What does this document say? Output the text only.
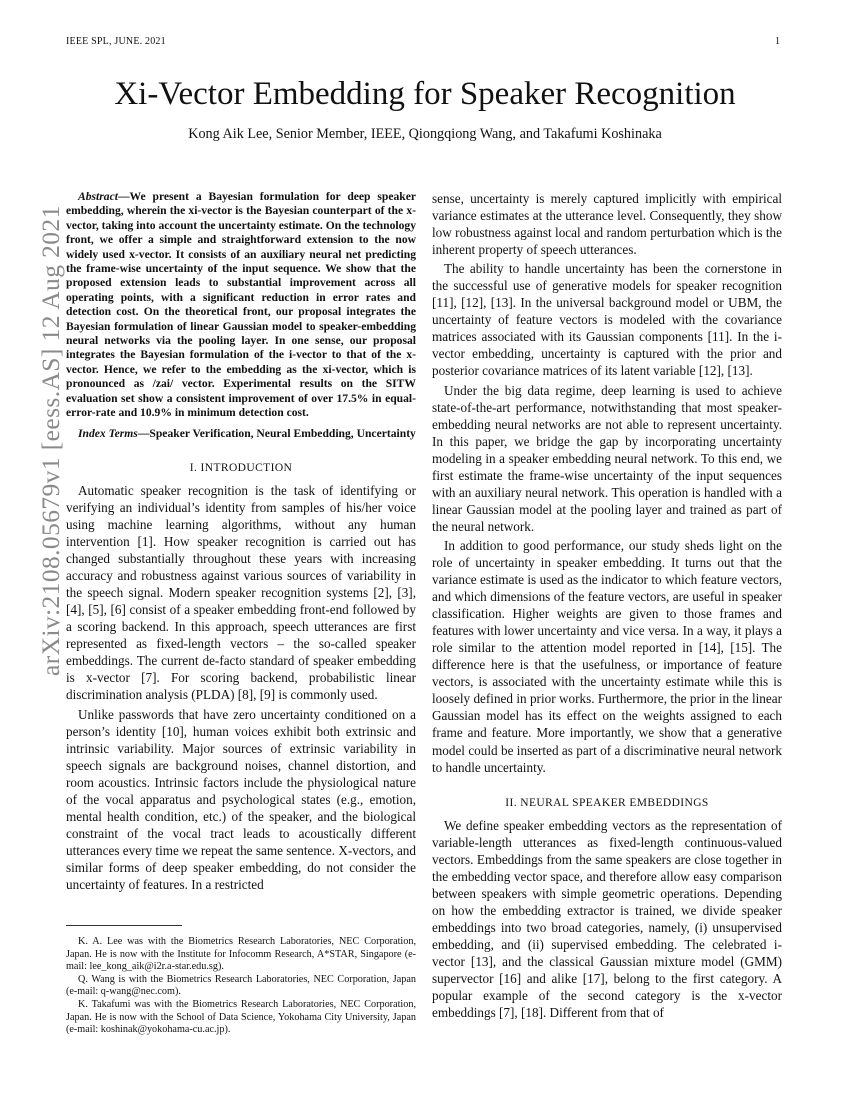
IEEE SPL, JUNE. 2021	1
arXiv:2108.05679v1 [eess.AS] 12 Aug 2021
Xi-Vector Embedding for Speaker Recognition
Kong Aik Lee, Senior Member, IEEE, Qiongqiong Wang, and Takafumi Koshinaka

Abstract—We present a Bayesian formulation for deep speaker embedding, wherein the xi-vector is the Bayesian counterpart of the x-vector, taking into account the uncertainty estimate. On the technology front, we offer a simple and straightforward extension to the now widely used x-vector. It consists of an auxiliary neural net predicting the frame-wise uncertainty of the input sequence. We show that the proposed extension leads to substantial improvement across all operating points, with a significant reduction in error rates and detection cost. On the theoretical front, our proposal integrates the Bayesian formulation of linear Gaussian model to speaker-embedding neural networks via the pooling layer. In one sense, our proposal integrates the Bayesian formulation of the i-vector to that of the x-vector. Hence, we refer to the embedding as the xi-vector, which is pronounced as /zai/ vector. Experimental results on the SITW evaluation set show a consistent improvement of over 17.5% in equal-error-rate and 10.9% in minimum detection cost.

Index Terms—Speaker Verification, Neural Embedding, Uncertainty

I. INTRODUCTION

Automatic speaker recognition is the task of identifying or verifying an individual’s identity from samples of his/her voice using machine learning algorithms, without any human intervention [1]. How speaker recognition is carried out has changed substantially throughout these years with increasing accuracy and robustness against various sources of variability in the speech signal. Modern speaker recognition systems [2], [3], [4], [5], [6] consist of a speaker embedding front-end followed by a scoring backend. In this approach, speech utterances are first represented as fixed-length vectors – the so-called speaker embeddings. The current de-facto standard of speaker embedding is x-vector [7]. For scoring backend, probabilistic linear discrimination analysis (PLDA) [8], [9] is commonly used.

Unlike passwords that have zero uncertainty conditioned on a person’s identity [10], human voices exhibit both extrinsic and intrinsic variability. Major sources of extrinsic variability in speech signals are background noises, channel distortion, and room acoustics. Intrinsic factors include the physiological nature of the vocal apparatus and psychological states (e.g., emotion, mental health condition, etc.) of the speaker, and the biological constraint of the vocal tract leads to acoustically different utterances every time we repeat the same sentence. X-vectors, and similar forms of deep speaker embedding, do not consider the uncertainty of features. In a restricted

K. A. Lee was with the Biometrics Research Laboratories, NEC Corporation, Japan. He is now with the Institute for Infocomm Research, A*STAR, Singapore (e-mail: lee_kong_aik@i2r.a-star.edu.sg).

Q. Wang is with the Biometrics Research Laboratories, NEC Corporation, Japan (e-mail: q-wang@nec.com).

K. Takafumi was with the Biometrics Research Laboratories, NEC Corporation, Japan. He is now with the School of Data Science, Yokohama City University, Japan (e-mail: koshinak@yokohama-cu.ac.jp).

sense, uncertainty is merely captured implicitly with empirical variance estimates at the utterance level. Consequently, they show low robustness against local and random perturbation which is the inherent property of speech utterances.

The ability to handle uncertainty has been the cornerstone in the successful use of generative models for speaker recognition [11], [12], [13]. In the universal background model or UBM, the uncertainty of feature vectors is modeled with the covariance matrices associated with its Gaussian components [11]. In the i-vector embedding, uncertainty is captured with the prior and posterior covariance matrices of its latent variable [12], [13].

Under the big data regime, deep learning is used to achieve state-of-the-art performance, notwithstanding that most speaker-embedding neural networks are not able to represent uncertainty. In this paper, we bridge the gap by incorporating uncertainty modeling in a speaker embedding neural network. To this end, we first estimate the frame-wise uncertainty of the input sequences with an auxiliary neural network. This operation is handled with a linear Gaussian model at the pooling layer and trained as part of the neural network.

In addition to good performance, our study sheds light on the role of uncertainty in speaker embedding. It turns out that the variance estimate is used as the indicator to which feature vectors, and which dimensions of the feature vectors, are useful in speaker classification. Higher weights are given to those frames and features with lower uncertainty and vice versa. In a way, it plays a role similar to the attention model reported in [14], [15]. The difference here is that the usefulness, or importance of feature vectors, is associated with the uncertainty estimate while this is loosely defined in prior works. Furthermore, the prior in the linear Gaussian model has its effect on the weights assigned to each frame and feature. More importantly, we show that a generative model could be inserted as part of a discriminative neural network to handle uncertainty.

II. NEURAL SPEAKER EMBEDDINGS

We define speaker embedding vectors as the representation of variable-length utterances as fixed-length continuous-valued vectors. Embeddings from the same speakers are close together in the embedding vector space, and therefore allow easy comparison between speakers with simple geometric operations. Depending on how the embedding extractor is trained, we divide speaker embeddings into two broad categories, namely, (i) unsupervised embedding, and (ii) supervised embedding. The celebrated i-vector [13], and the classical Gaussian mixture model (GMM) supervector [16] and alike [17], belong to the first category. A popular example of the second category is the x-vector embeddings [7], [18]. Different from that of
